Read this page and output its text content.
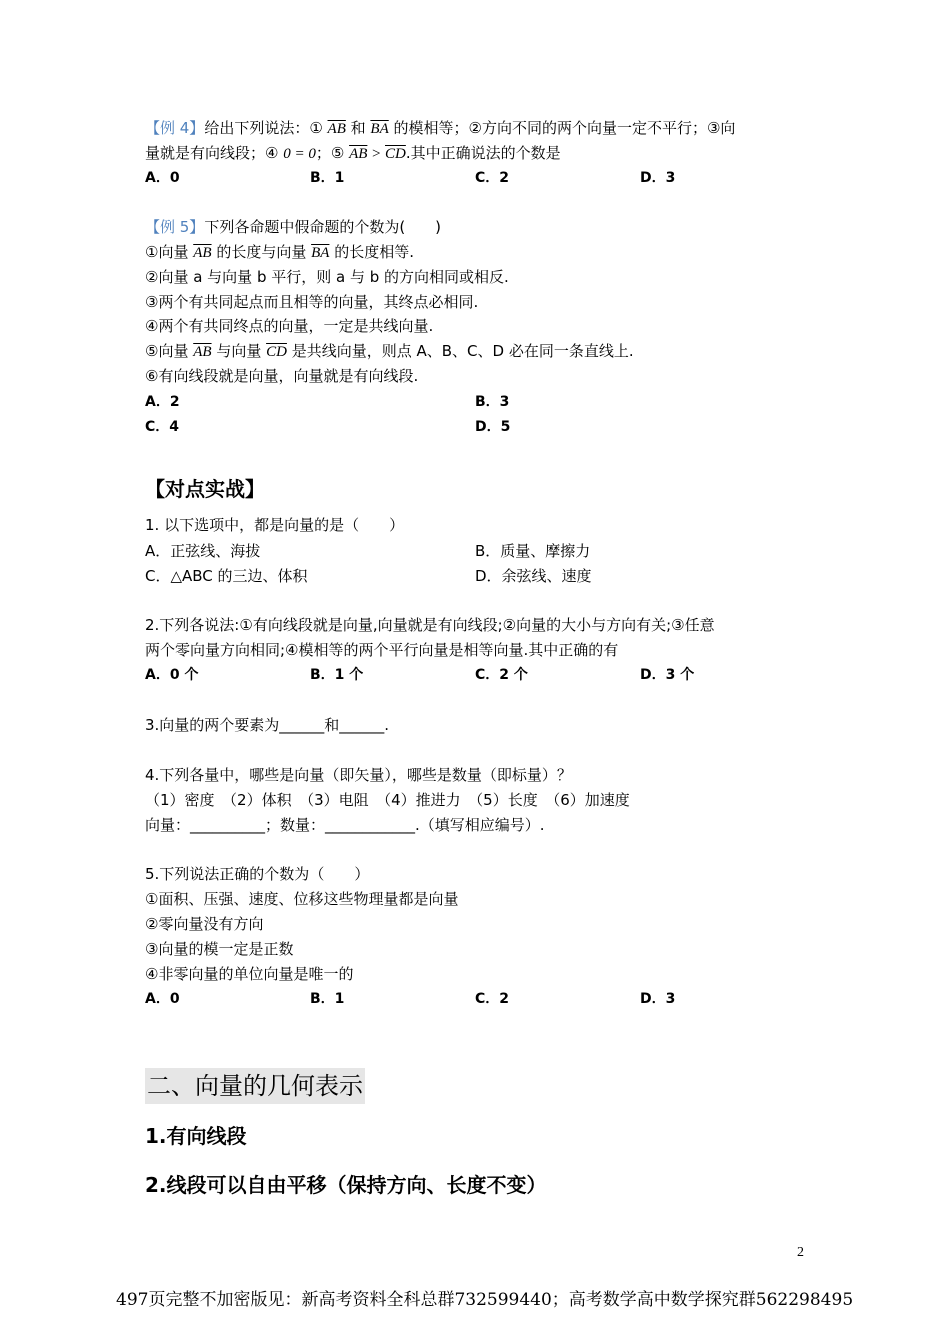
【例 4】给出下列说法：① $\overline{AB}$ 和 $\overline{BA}$ 的模相等；②方向不同的两个向量一定不平行；③向
量就是有向线段；④ 0 = 0；⑤ $\overline{AB} > \overline{CD}$.其中正确说法的个数是
A．0	B．1	C．2	D．3
【例 5】下列各命题中假命题的个数为(　　)
①向量 $\overline{AB}$ 的长度与向量 $\overline{BA}$ 的长度相等.
②向量 a 与向量 b 平行，则 a 与 b 的方向相同或相反.
③两个有共同起点而且相等的向量，其终点必相同.
④两个有共同终点的向量，一定是共线向量.
⑤向量 $\overline{AB}$ 与向量 $\overline{CD}$ 是共线向量，则点 A、B、C、D 必在同一条直线上.
⑥有向线段就是向量，向量就是有向线段.
A．2	B．3
C．4	D．5
【对点实战】
1. 以下选项中，都是向量的是（　　）
A．正弦线、海拔	B．质量、摩擦力
C．△ABC 的三边、体积	D．余弦线、速度
2.下列各说法:①有向线段就是向量,向量就是有向线段;②向量的大小与方向有关;③任意
两个零向量方向相同;④模相等的两个平行向量是相等向量.其中正确的有
A．0 个	B．1 个	C．2 个	D．3 个
3.向量的两个要素为______和______.
4.下列各量中，哪些是向量（即矢量），哪些是数量（即标量）？
（1）密度　（2）体积　（3）电阻　（4）推进力　（5）长度　（6）加速度
向量：__________；数量：____________.（填写相应编号）.
5.下列说法正确的个数为（　　）
①面积、压强、速度、位移这些物理量都是向量
②零向量没有方向
③向量的模一定是正数
④非零向量的单位向量是唯一的
A．0	B．1	C．2	D．3
二、向量的几何表示
1.有向线段
2.线段可以自由平移（保持方向、长度不变）
2
497页完整不加密版见：新高考资料全科总群732599440；高考数学高中数学探究群562298495
